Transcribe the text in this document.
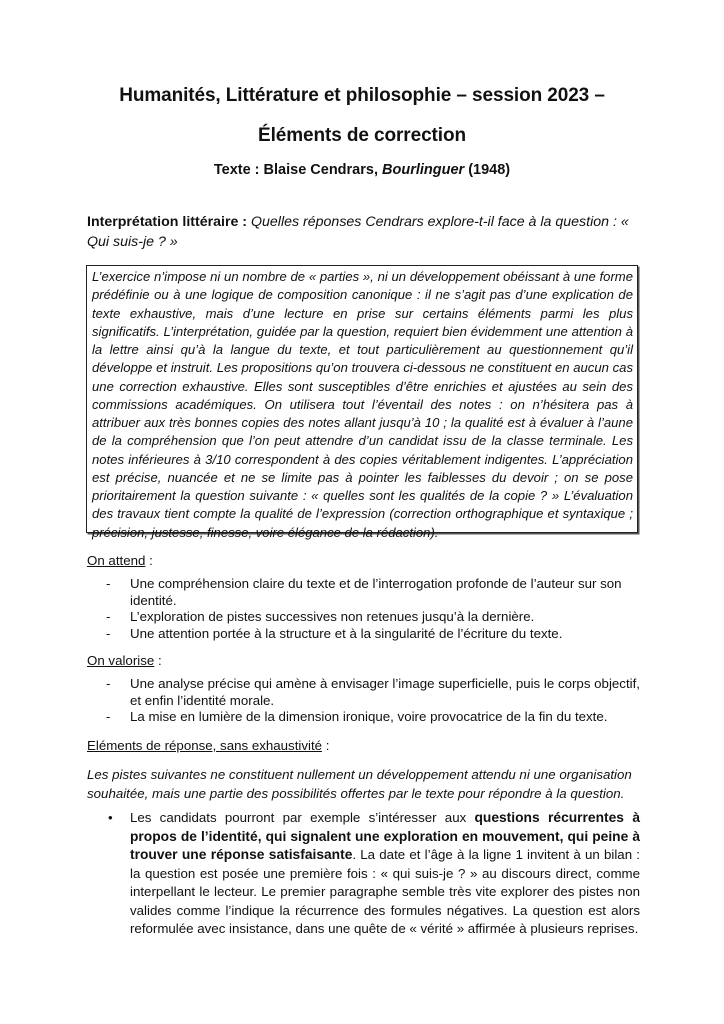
Humanités, Littérature et philosophie – session 2023 –
Éléments de correction
Texte : Blaise Cendrars, Bourlinguer (1948)
Interprétation littéraire : Quelles réponses Cendrars explore-t-il face à la question : « Qui suis-je ? »

L’exercice n’impose ni un nombre de « parties », ni un développement obéissant à une forme prédéfinie ou à une logique de composition canonique : il ne s’agit pas d’une explication de texte exhaustive, mais d’une lecture en prise sur certains éléments parmi les plus significatifs. L’interprétation, guidée par la question, requiert bien évidemment une attention à la lettre ainsi qu’à la langue du texte, et tout particulièrement au questionnement qu’il développe et instruit. Les propositions qu’on trouvera ci-dessous ne constituent en aucun cas une correction exhaustive. Elles sont susceptibles d’être enrichies et ajustées au sein des commissions académiques. On utilisera tout l’éventail des notes : on n’hésitera pas à attribuer aux très bonnes copies des notes allant jusqu’à 10 ; la qualité est à évaluer à l’aune de la compréhension que l’on peut attendre d’un candidat issu de la classe terminale. Les notes inférieures à 3/10 correspondent à des copies véritablement indigentes. L’appréciation est précise, nuancée et ne se limite pas à pointer les faiblesses du devoir ; on se pose prioritairement la question suivante : « quelles sont les qualités de la copie ? » L’évaluation des travaux tient compte la qualité de l’expression (correction orthographique et syntaxique ; précision, justesse, finesse, voire élégance de la rédaction).

On attend :
- Une compréhension claire du texte et de l’interrogation profonde de l’auteur sur son identité.
- L’exploration de pistes successives non retenues jusqu’à la dernière.
- Une attention portée à la structure et à la singularité de l’écriture du texte.
On valorise :
- Une analyse précise qui amène à envisager l’image superficielle, puis le corps objectif, et enfin l’identité morale.
- La mise en lumière de la dimension ironique, voire provocatrice de la fin du texte.
Eléments de réponse, sans exhaustivité :

Les pistes suivantes ne constituent nullement un développement attendu ni une organisation souhaitée, mais une partie des possibilités offertes par le texte pour répondre à la question.

• Les candidats pourront par exemple s’intéresser aux questions récurrentes à propos de l’identité, qui signalent une exploration en mouvement, qui peine à trouver une réponse satisfaisante. La date et l’âge à la ligne 1 invitent à un bilan : la question est posée une première fois : « qui suis-je ? » au discours direct, comme interpellant le lecteur. Le premier paragraphe semble très vite explorer des pistes non valides comme l’indique la récurrence des formules négatives. La question est alors reformulée avec insistance, dans une quête de « vérité » affirmée à plusieurs reprises.
